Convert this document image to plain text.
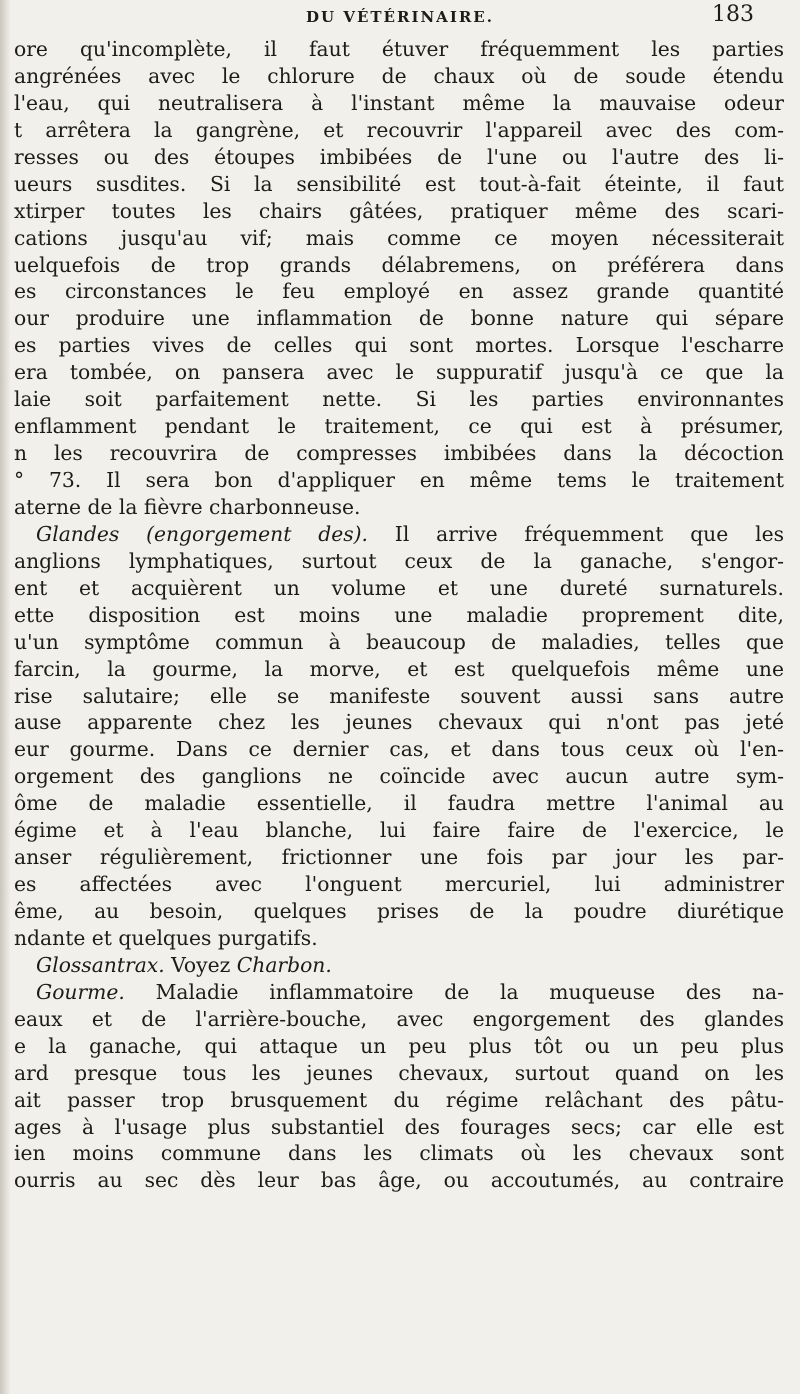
DU VÉTÉRINAIRE.	183
ore qu'incomplète, il faut étuver fréquemment les parties
angrénées avec le chlorure de chaux où de soude étendu
l'eau, qui neutralisera à l'instant même la mauvaise odeur
t arrêtera la gangrène, et recouvrir l'appareil avec des com-
resses ou des étoupes imbibées de l'une ou l'autre des li-
ueurs susdites. Si la sensibilité est tout-à-fait éteinte, il faut
xtirper toutes les chairs gâtées, pratiquer même des scari-
cations jusqu'au vif; mais comme ce moyen nécessiterait
uelquefois de trop grands délabremens, on préférera dans
es circonstances le feu employé en assez grande quantité
our produire une inflammation de bonne nature qui sépare
es parties vives de celles qui sont mortes. Lorsque l'escharre
era tombée, on pansera avec le suppuratif jusqu'à ce que la
laie soit parfaitement nette. Si les parties environnantes
enflamment pendant le traitement, ce qui est à présumer,
n les recouvrira de compresses imbibées dans la décoction
° 73. Il sera bon d'appliquer en même tems le traitement
aterne de la fièvre charbonneuse.
Glandes (engorgement des). Il arrive fréquemment que les
anglions lymphatiques, surtout ceux de la ganache, s'engor-
ent et acquièrent un volume et une dureté surnaturels.
ette disposition est moins une maladie proprement dite,
u'un symptôme commun à beaucoup de maladies, telles que
farcin, la gourme, la morve, et est quelquefois même une
rise salutaire; elle se manifeste souvent aussi sans autre
ause apparente chez les jeunes chevaux qui n'ont pas jeté
eur gourme. Dans ce dernier cas, et dans tous ceux où l'en-
orgement des ganglions ne coïncide avec aucun autre sym-
ôme de maladie essentielle, il faudra mettre l'animal au
égime et à l'eau blanche, lui faire faire de l'exercice, le
anser régulièrement, frictionner une fois par jour les par-
es affectées avec l'onguent mercuriel, lui administrer
ême, au besoin, quelques prises de la poudre diurétique
ndante et quelques purgatifs.
Glossantrax. Voyez Charbon.
Gourme. Maladie inflammatoire de la muqueuse des na-
eaux et de l'arrière-bouche, avec engorgement des glandes
e la ganache, qui attaque un peu plus tôt ou un peu plus
ard presque tous les jeunes chevaux, surtout quand on les
ait passer trop brusquement du régime relâchant des pâtu-
ages à l'usage plus substantiel des fourages secs; car elle est
ien moins commune dans les climats où les chevaux sont
ourris au sec dès leur bas âge, ou accoutumés, au contraire
